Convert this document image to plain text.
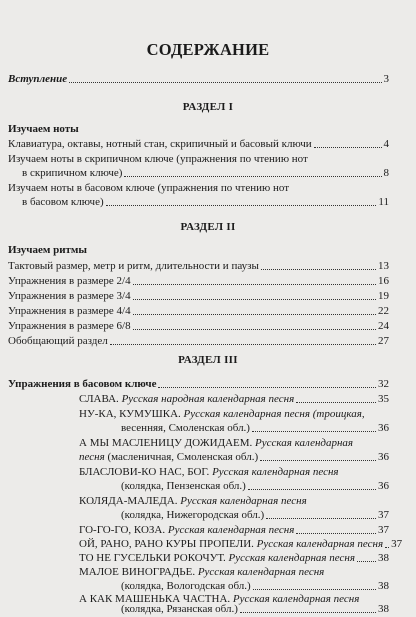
СОДЕРЖАНИЕ
Вступление	3
РАЗДЕЛ I
Изучаем ноты
Клавиатура, октавы, нотный стан, скрипичный и басовый ключи	4
Изучаем ноты в скрипичном ключе (упражнения по чтению нот
в скрипичном ключе)	8
Изучаем ноты в басовом ключе (упражнения по чтению нот
в басовом ключе)	11
РАЗДЕЛ II
Изучаем ритмы
Тактовый размер, метр и ритм, длительности и паузы	13
Упражнения в размере 2/4	16
Упражнения в размере 3/4	19
Упражнения в размере 4/4	22
Упражнения в размере 6/8	24
Обобщающий раздел	27
РАЗДЕЛ III
Упражнения в басовом ключе	32
СЛАВА. Русская народная календарная песня	35
НУ-КА, КУМУШКА. Русская календарная песня (троицкая,
весенняя, Смоленская обл.)	36
А МЫ МАСЛЕНИЦУ ДОЖИДАЕМ. Русская календарная
песня (масленичная, Смоленская обл.)	36
БЛАСЛОВИ-КО НАС, БОГ. Русская календарная песня
(колядка, Пензенская обл.)	36
КОЛЯДА-МАЛЕДА. Русская календарная песня
(колядка, Нижегородская обл.)	37
ГО-ГО-ГО, КОЗА. Русская календарная песня	37
ОЙ, РАНО, РАНО КУРЫ ПРОПЕЛИ. Русская календарная песня 37
ТО НЕ ГУСЕЛЬКИ РОКОЧУТ. Русская календарная песня 38
МАЛОЕ ВИНОГРАДЬЕ. Русская календарная песня
(колядка, Вологодская обл.)	38
А КАК МАШЕНЬКА ЧАСТНА. Русская календарная песня
(колядка, Рязанская обл.)	38
